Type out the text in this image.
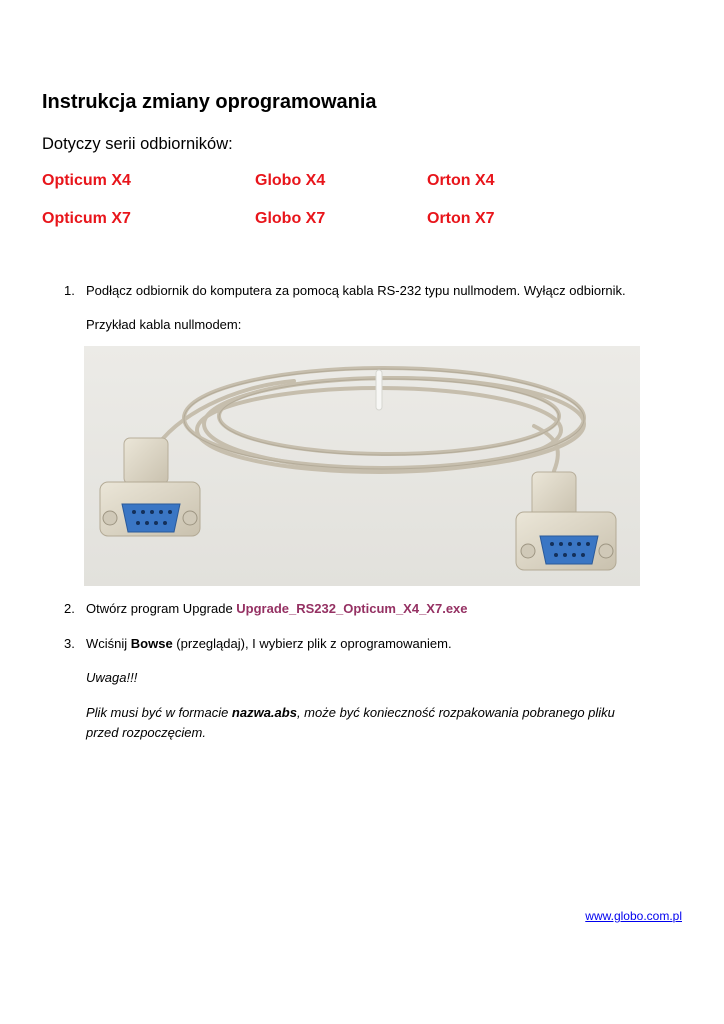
Instrukcja zmiany oprogramowania
Dotyczy serii odbiorników:
Opticum X4	Globo X4	Orton X4
Opticum X7	Globo X7	Orton X7
1. Podłącz odbiornik do komputera za pomocą kabla RS-232 typu nullmodem. Wyłącz odbiornik.
Przykład kabla nullmodem:
2. Otwórz program Upgrade Upgrade_RS232_Opticum_X4_X7.exe
3. Wciśnij Bowse (przeglądaj), I wybierz plik z oprogramowaniem.
Uwaga!!!
Plik musi być w formacie nazwa.abs, może być konieczność rozpakowania pobranego pliku
przed rozpoczęciem.
www.globo.com.pl
